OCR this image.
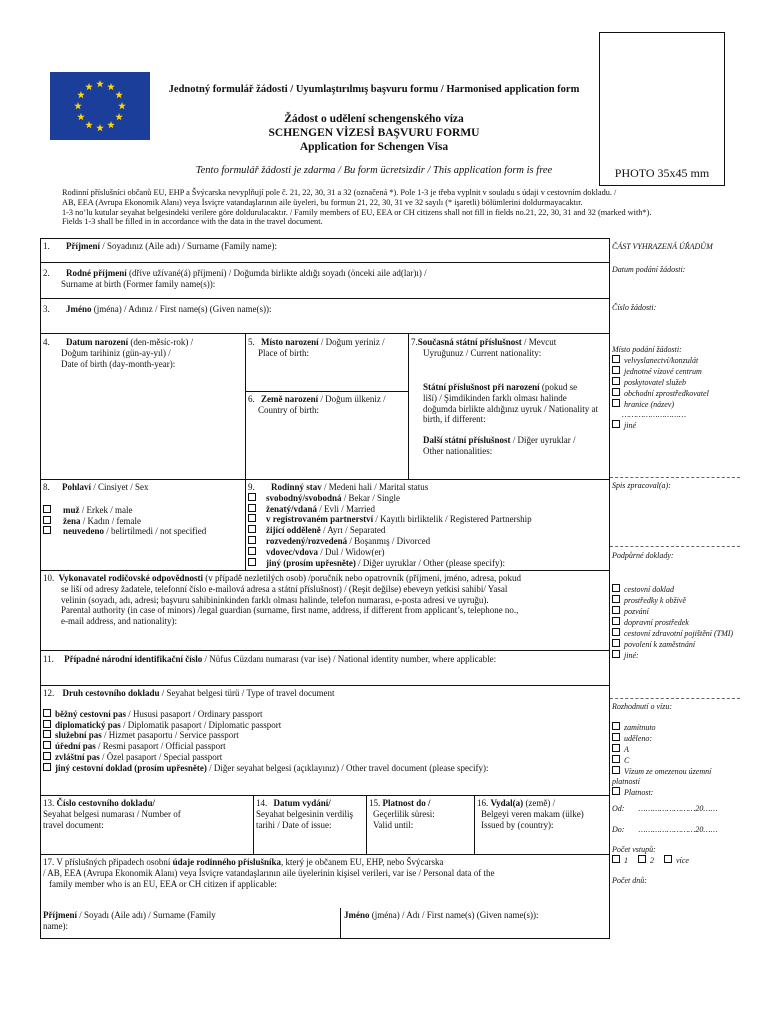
Jednotný formulář žádosti / Uyumlaştırılmış başvuru formu / Harmonised application form
Žádost o udělení schengenského víza
SCHENGEN VİZESİ BAŞVURU FORMU
Application for Schengen Visa
Tento formulář žádosti je zdarma / Bu form ücretsizdir / This application form is free	PHOTO 35x45 mm
Rodinní příslušníci občanů EU, EHP a Švýcarska nevyplňují pole č. 21, 22, 30, 31 a 32 (označená *). Pole 1-3 je třeba vyplnit v souladu s údaji v cestovním dokladu. /
AB, EEA (Avrupa Ekonomik Alanı) veya İsviçre vatandaşlarının aile üyeleri, bu formun 21, 22, 30, 31 ve 32 sayılı (* işaretli) bölümlerini doldurmayacaktır.
1-3 no’lu kutular seyahat belgesindeki verilere göre doldurulacaktır. / Family members of EU, EEA or CH citizens shall not fill in fields no.21, 22, 30, 31 and 32 (marked with*).
Fields 1-3 shall be filled in in accordance with the data in the travel document.
1. Příjmení / Soyadınız (Aile adı) / Surname (Family name):
2. Rodné příjmení (dříve užívané(á) příjmení) / Doğumda birlikte aldığı soyadı (önceki aile ad(lar)ı) /
Surname at birth (Former family name(s)):
3. Jméno (jména) / Adınız / First name(s) (Given name(s)):
4. Datum narození (den-měsíc-rok) /
Doğum tarihiniz (gün-ay-yıl) /
Date of birth (day-month-year):
5. Místo narození / Doğum yeriniz /
Place of birth:
6. Země narození / Doğum ülkeniz /
Country of birth:
7.Současná státní příslušnost / Mevcut
Uyruğunuz / Current nationality:
Státní příslušnost při narození (pokud se
liší) / Şimdikinden farklı olması halinde
doğumda birlikte aldığınız uyruk / Nationality at
birth, if different:
Další státní příslušnost / Diğer uyruklar /
Other nationalities:
8. Pohlaví / Cinsiyet / Sex
muž / Erkek / male
žena / Kadın / female
neuvedeno / belirtilmedi / not specified
9. Rodinný stav / Medeni hali / Marital status
svobodný/svobodná / Bekar / Single
ženatý/vdaná / Evli / Married
v registrovaném partnerství / Kayıtlı birliktelik / Registered Partnership
žijící odděleně / Ayrı / Separated
rozvedený/rozvedená / Boşanmış / Divorced
vdovec/vdova / Dul / Widow(er)
jiný (prosím upřesněte) / Diğer uyruklar / Other (please specify):
10. Vykonavatel rodičovské odpovědnosti (v případě nezletilých osob) /poručník nebo opatrovník (příjmení, jméno, adresa, pokud
se liší od adresy žadatele, telefonní číslo e-mailová adresa a státní příslušnost) / (Reşit değilse) ebeveyn yetkisi sahibi/ Yasal
velinin (soyadı, adı, adresi; başvuru sahibininkinden farklı olması halinde, telefon numarası, e-posta adresi ve uyruğu).
Parental authority (in case of minors) /legal guardian (surname, first name, address, if different from applicant’s, telephone no.,
e-mail address, and nationality):
11. Případné národní identifikační číslo / Nüfus Cüzdanı numarası (var ise) / National identity number, where applicable:
12. Druh cestovního dokladu / Seyahat belgesi türü / Type of travel document
běžný cestovní pas / Hususi pasaport / Ordinary passport
diplomatický pas / Diplomatik pasaport / Diplomatic passport
služební pas / Hizmet pasaportu / Service passport
úřední pas / Resmi pasaport / Official passport
zvláštní pas / Özel pasaport / Special passport
jiný cestovní doklad (prosím upřesněte) / Diğer seyahat belgesi (açıklayınız) / Other travel document (please specify):
13. Číslo cestovního dokladu/
Seyahat belgesi numarası / Number of
travel document:
14. Datum vydání/
Seyahat belgesinin verdiliş
tarihi / Date of issue:
15. Platnost do /
Geçerlilik süresi:
Valid until:
16. Vydal(a) (země) /
Belgeyi veren makam (ülke)
Issued by (country):
17. V příslušných případech osobní údaje rodinného příslušníka, který je občanem EU, EHP, nebo Švýcarska
/ AB, EEA (Avrupa Ekonomik Alanı) veya İsviçre vatandaşlarının aile üyelerinin kişisel verileri, var ise / Personal data of the
family member who is an EU, EEA or CH citizen if applicable:
Příjmení / Soyadı (Aile adı) / Surname (Family
name):
Jméno (jména) / Adı / First name(s) (Given name(s)):
ČÁST VYHRAZENÁ ÚŘADŮM
Datum podání žádosti:
Číslo žádosti:
Místo podání žádosti:
velvyslanectví/konzulát
jednotné vízové centrum
poskytovatel služeb
obchodní zprostředkovatel
hranice (název)
………………………
jiné
Spis zpracoval(a):
Podpůrné doklady:
cestovní doklad
prostředky k obživě
pozvání
dopravní prostředek
cestovní zdravotní pojištění (TMI)
povolení k zaměstnání
jiné:
Rozhodnutí o vízu:
zamítnuto
uděleno:
A
C
Vízum ze omezenou územní platností
Platnost:
Od: ……………………20……
Do: ……………………20……
Počet vstupů:
1	2	více
Počet dnů:
